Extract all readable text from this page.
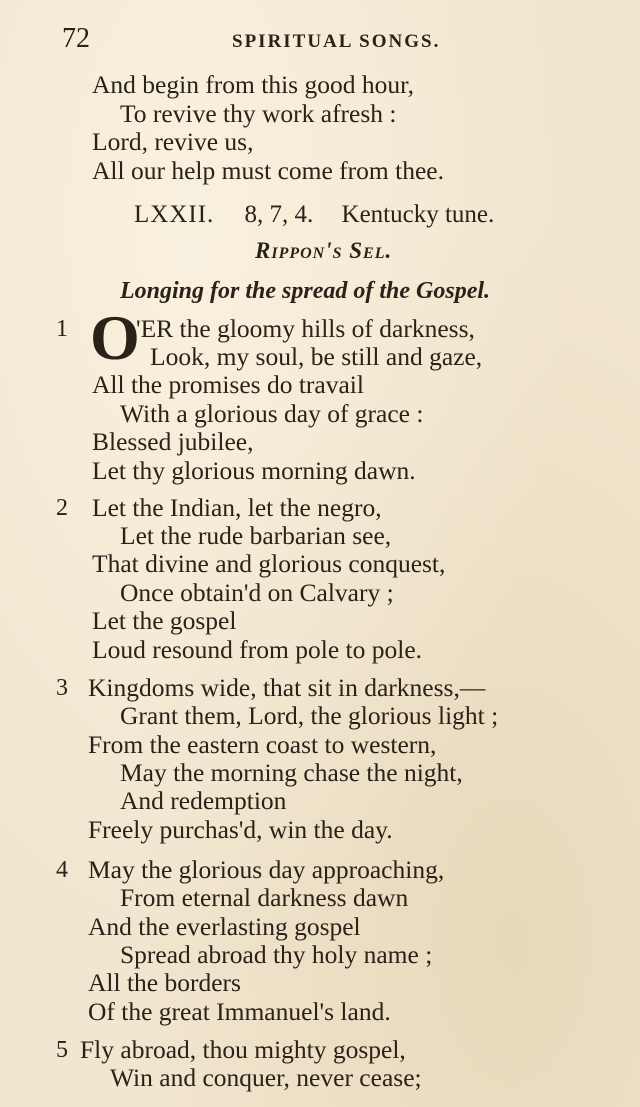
72	SPIRITUAL SONGS.
And begin from this good hour,
To revive thy work afresh :
Lord, revive us,
All our help must come from thee.
LXXII. 8, 7, 4. Kentucky tune.
Rippon's Sel.
Longing for the spread of the Gospel.
1 O
'ER the gloomy hills of darkness,
Look, my soul, be still and gaze,
All the promises do travail
With a glorious day of grace :
Blessed jubilee,
Let thy glorious morning dawn.
2 Let the Indian, let the negro,
Let the rude barbarian see,
That divine and glorious conquest,
Once obtain'd on Calvary ;
Let the gospel
Loud resound from pole to pole.
3 Kingdoms wide, that sit in darkness,—
Grant them, Lord, the glorious light ;
From the eastern coast to western,
May the morning chase the night,
And redemption
Freely purchas'd, win the day.
4 May the glorious day approaching,
From eternal darkness dawn
And the everlasting gospel
Spread abroad thy holy name ;
All the borders
Of the great Immanuel's land.
5 Fly abroad, thou mighty gospel,
Win and conquer, never cease;
